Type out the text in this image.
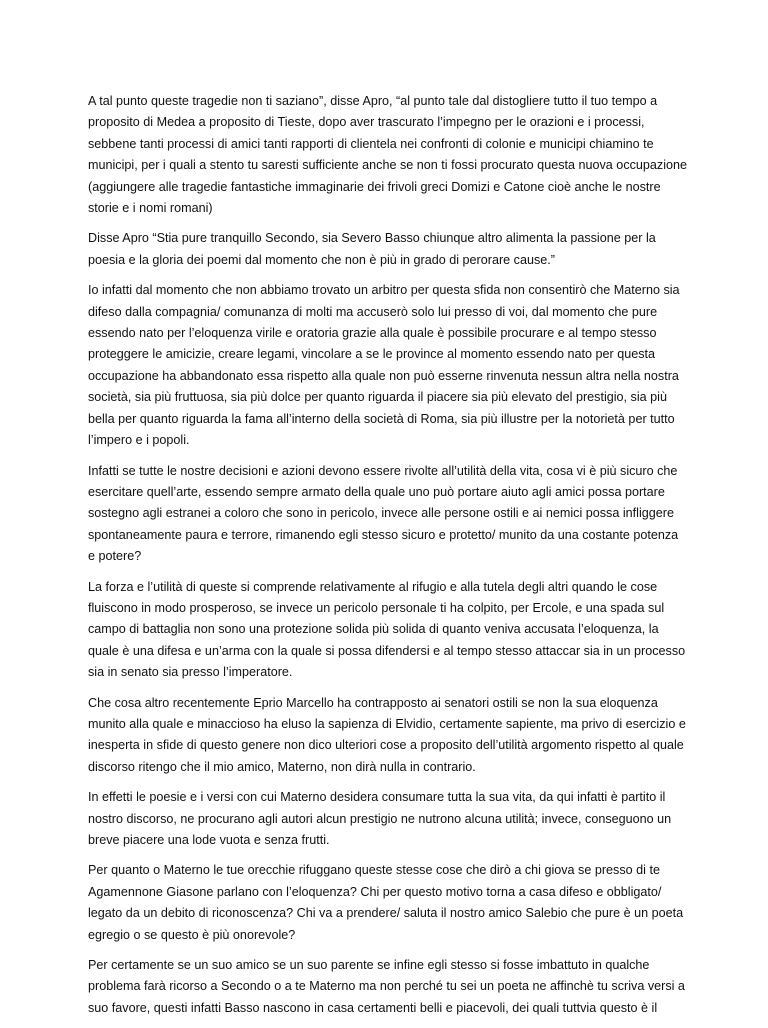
A tal punto queste tragedie non ti saziano”, disse Apro, “al punto tale dal distogliere tutto il tuo tempo a proposito di Medea a proposito di Tieste, dopo aver trascurato l’impegno per le orazioni e i processi, sebbene tanti processi di amici tanti rapporti di clientela nei confronti di colonie e municipi chiamino te municipi, per i quali a stento tu saresti sufficiente anche se non ti fossi procurato questa nuova occupazione (aggiungere alle tragedie fantastiche immaginarie dei frivoli greci Domizi e Catone cioè anche le nostre storie e i nomi romani)

Disse Apro “Stia pure tranquillo Secondo, sia Severo Basso chiunque altro alimenta la passione per la poesia e la gloria dei poemi dal momento che non è più in grado di perorare cause.”

Io infatti dal momento che non abbiamo trovato un arbitro per questa sfida non consentirò che Materno sia difeso dalla compagnia/ comunanza di molti ma accuserò solo lui presso di voi, dal momento che pure essendo nato per l’eloquenza virile e oratoria grazie alla quale è possibile procurare e al tempo stesso proteggere le amicizie, creare legami, vincolare a se le province al momento essendo nato per questa occupazione ha abbandonato essa rispetto alla quale non può esserne rinvenuta nessun altra nella nostra società, sia più fruttuosa, sia più dolce per quanto riguarda il piacere sia più elevato del prestigio, sia più bella per quanto riguarda la fama all’interno della società di Roma, sia più illustre per la notorietà per tutto l’impero e i popoli.

Infatti se tutte le nostre decisioni e azioni devono essere rivolte all’utilità della vita, cosa vi è più sicuro che esercitare quell’arte, essendo sempre armato della quale uno può portare aiuto agli amici possa portare sostegno agli estranei a coloro che sono in pericolo, invece alle persone ostili e ai nemici possa infliggere spontaneamente paura e terrore, rimanendo egli stesso sicuro e protetto/ munito da una costante potenza e potere?

La forza e l’utilità di queste si comprende relativamente al rifugio e alla tutela degli altri quando le cose fluiscono in modo prosperoso, se invece un pericolo personale ti ha colpito, per Ercole, e una spada sul campo di battaglia non sono una protezione solida più solida di quanto veniva accusata l’eloquenza, la quale è una difesa e un’arma con la quale si possa difendersi e al tempo stesso attaccar sia in un processo sia in senato sia presso l’imperatore.

Che cosa altro recentemente Eprio Marcello ha contrapposto ai senatori ostili se non la sua eloquenza munito alla quale e minaccioso ha eluso la sapienza di Elvidio, certamente sapiente, ma privo di esercizio e inesperta in sfide di questo genere non dico ulteriori cose a proposito dell’utilità argomento rispetto al quale discorso ritengo che il mio amico, Materno, non dirà nulla in contrario.

In effetti le poesie e i versi con cui Materno desidera consumare tutta la sua vita, da qui infatti è partito il nostro discorso, ne procurano agli autori alcun prestigio ne nutrono alcuna utilità; invece, conseguono un breve piacere una lode vuota e senza frutti.

Per quanto o Materno le tue orecchie rifuggano queste stesse cose che dirò a chi giova se presso di te Agamennone Giasone parlano con l’eloquenza? Chi per questo motivo torna a casa difeso e obbligato/ legato da un debito di riconoscenza? Chi va a prendere/ saluta il nostro amico Salebio che pure è un poeta egregio o se questo è più onorevole?

Per certamente se un suo amico se un suo parente se infine egli stesso si fosse imbattuto in qualche problema farà ricorso a Secondo o a te Materno ma non perché tu sei un poeta ne affinchè tu scriva versi a suo favore, questi infatti Basso nascono in casa certamenti belli e piacevoli, dei quali tuttvia questo è il
